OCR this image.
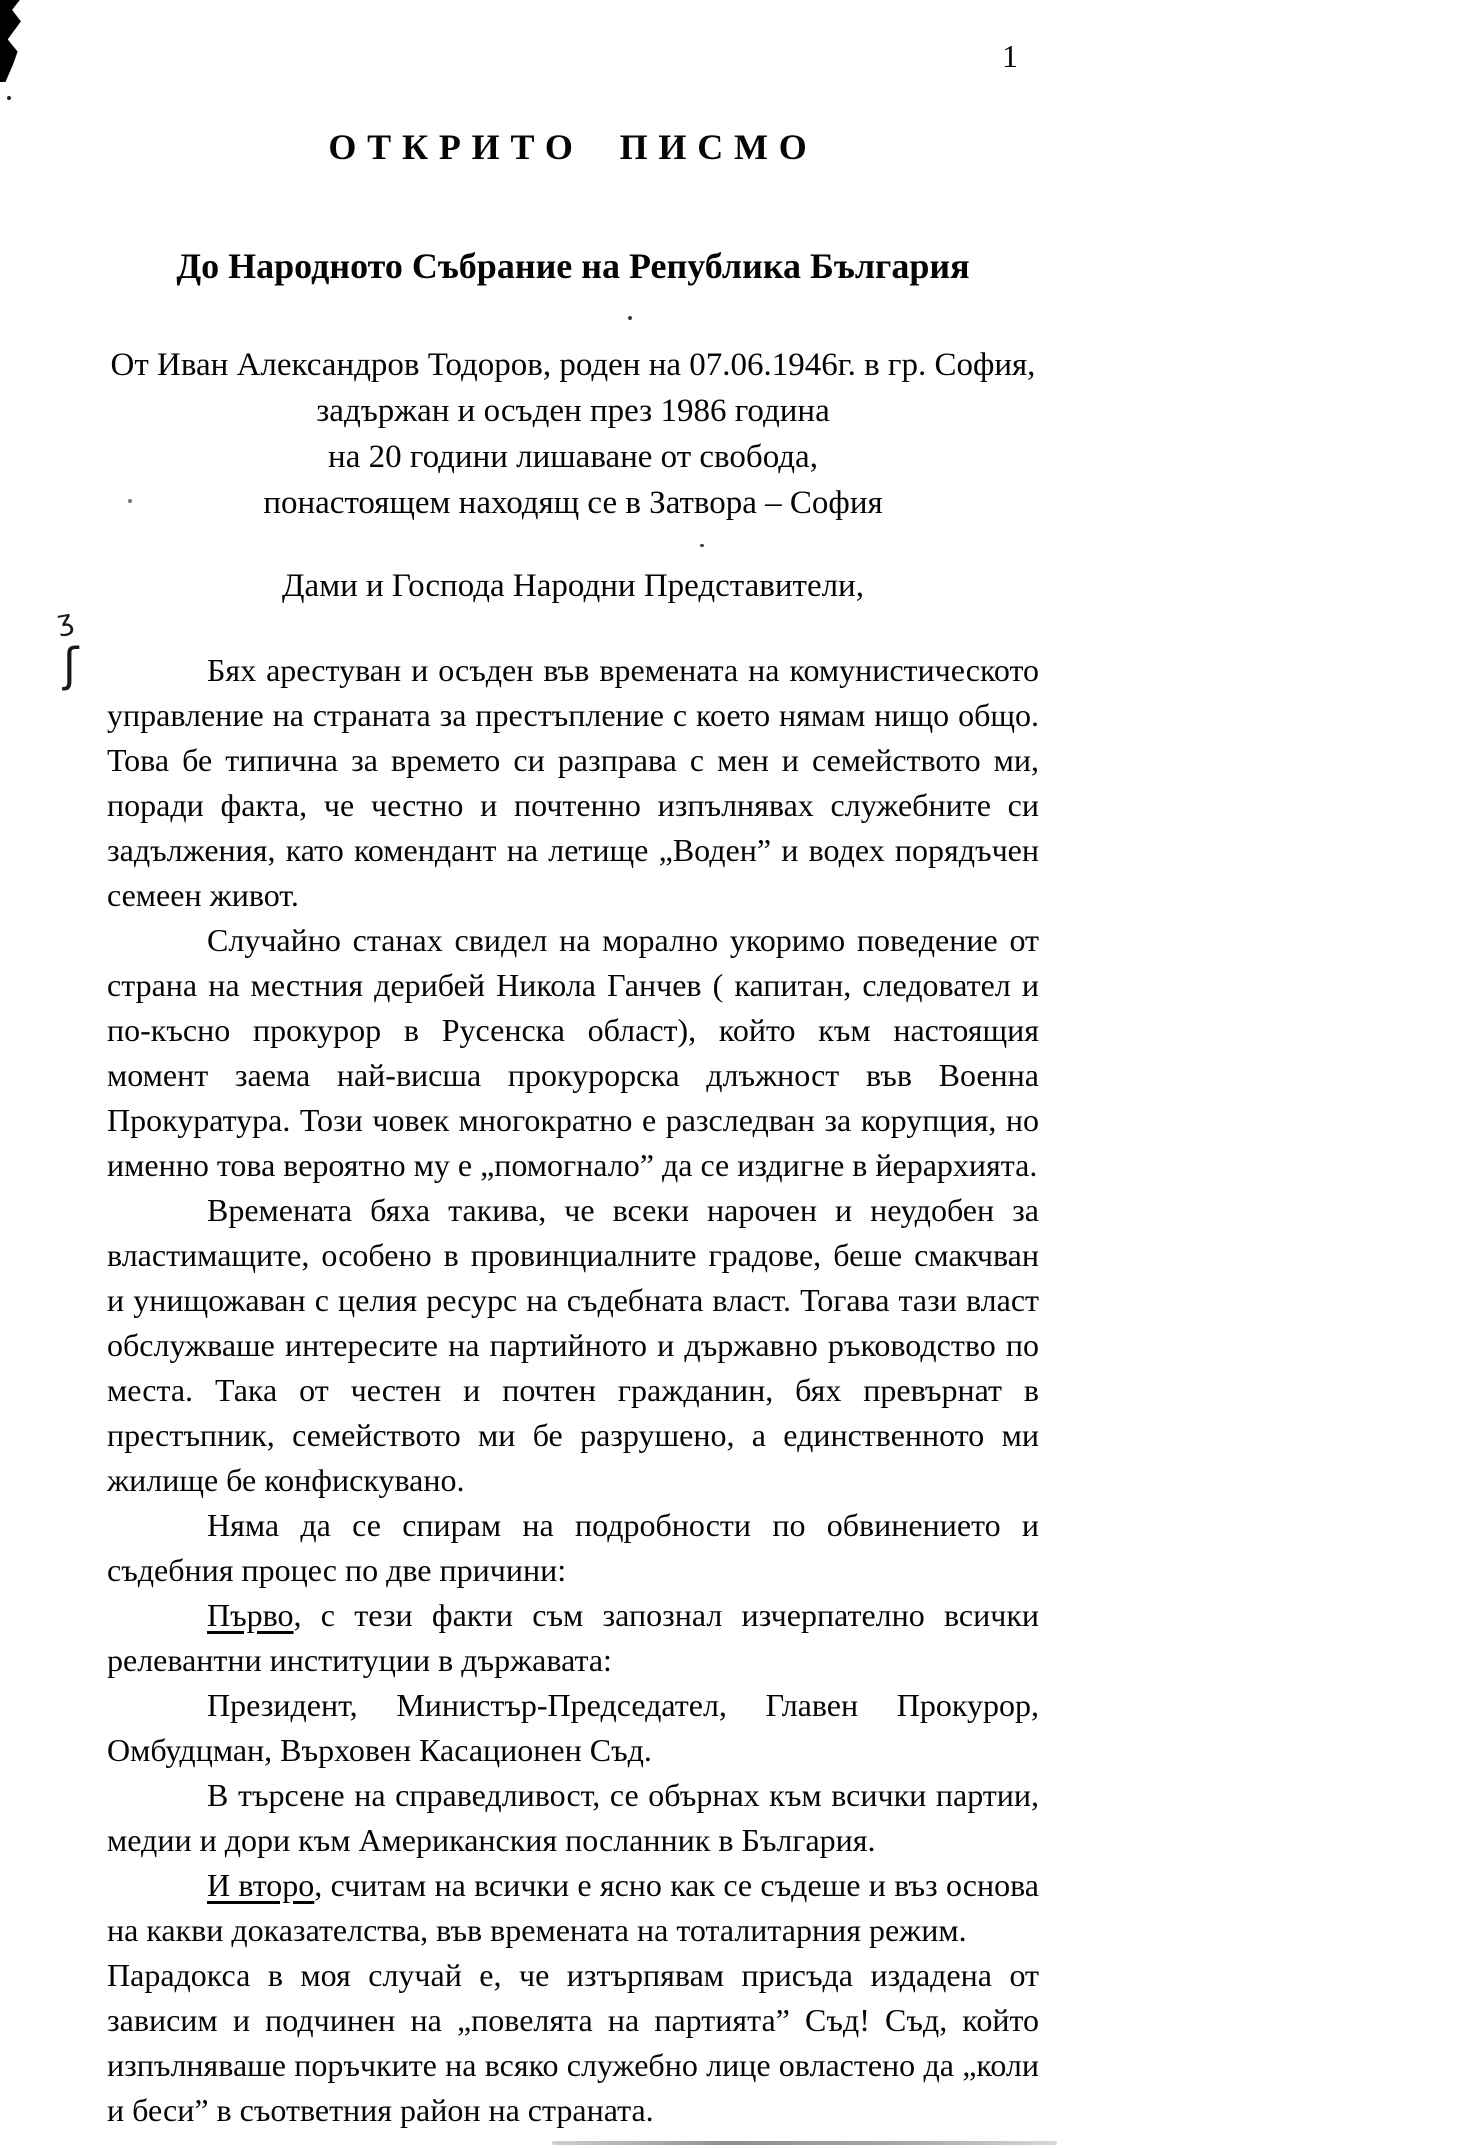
ʒ
ʃ
1
ОТКРИТО ПИСМО
До Народното Събрание на Република България
От Иван Александров Тодоров, роден на 07.06.1946г. в гр. София,
задържан и осъден през 1986 година
на 20 години лишаване от свобода,
понастоящем находящ се в Затвора – София
Дами и Господа Народни Представители,

Бях арестуван и осъден във времената на комунистическото управление на страната за престъпление с което нямам нищо общо. Това бе типична за времето си разправа с мен и семейството ми, поради факта, че честно и почтенно изпълнявах служебните си задължения, като комендант на летище „Воден” и водех порядъчен семеен живот.

Случайно станах свидел на морално укоримо поведение от страна на местния дерибей Никола Ганчев ( капитан, следовател и по-късно прокурор в Русенска област), който към настоящия момент заема най-висша прокурорска длъжност във Военна Прокуратура. Този човек многократно е разследван за корупция, но именно това вероятно му е „помогнало” да се издигне в йерархията.

Времената бяха такива, че всеки нарочен и неудобен за властимащите, особено в провинциалните градове, беше смакчван и унищожаван с целия ресурс на съдебната власт. Тогава тази власт обслужваше интересите на партийното и държавно ръководство по места. Така от честен и почтен гражданин, бях превърнат в престъпник, семейството ми бе разрушено, а единственното ми жилище бе конфискувано.

Няма да се спирам на подробности по обвинението и съдебния процес по две причини:

Първо, с тези факти съм запознал изчерпателно всички релевантни институции в държавата:

Президент, Министър-Председател, Главен Прокурор, Омбудцман, Върховен Касационен Съд.

В търсене на справедливост, се обърнах към всички партии, медии и дори към Американския посланник в България.

И второ, считам на всички е ясно как се съдеше и въз основа на какви доказателства, във времената на тоталитарния режим.

Парадокса в моя случай е, че изтърпявам присъда издадена от зависим и подчинен на „повелята на партията” Съд! Съд, който изпълняваше поръчките на всяко служебно лице овластено да „коли и беси” в съответния район на страната.
